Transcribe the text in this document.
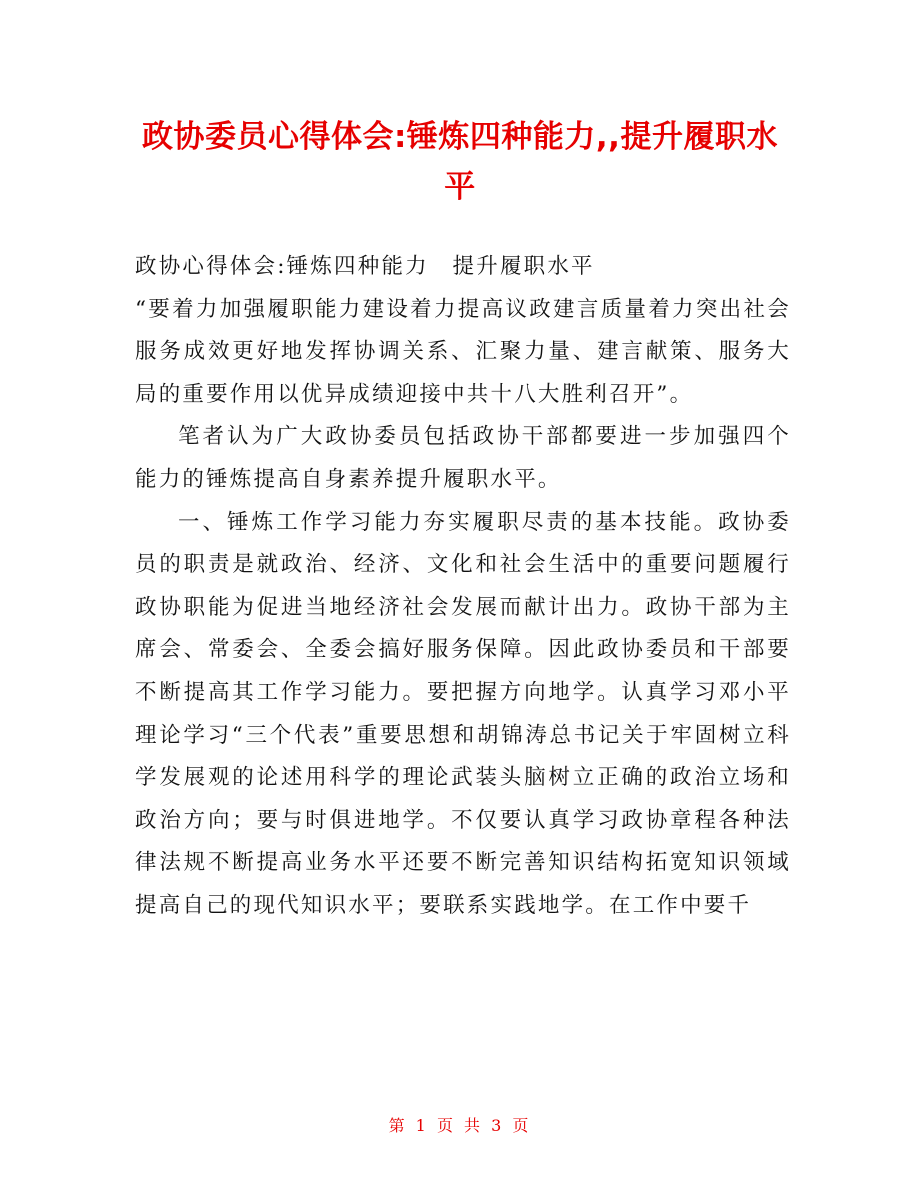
政协委员心得体会:锤炼四种能力,,提升履职水平

政协心得体会:锤炼四种能力　提升履职水平

“要着力加强履职能力建设着力提高议政建言质量着力突出社会服务成效更好地发挥协调关系、汇聚力量、建言献策、服务大局的重要作用以优异成绩迎接中共十八大胜利召开”。

笔者认为广大政协委员包括政协干部都要进一步加强四个能力的锤炼提高自身素养提升履职水平。

一、锤炼工作学习能力夯实履职尽责的基本技能。政协委员的职责是就政治、经济、文化和社会生活中的重要问题履行政协职能为促进当地经济社会发展而献计出力。政协干部为主席会、常委会、全委会搞好服务保障。因此政协委员和干部要不断提高其工作学习能力。要把握方向地学。认真学习邓小平理论学习“三个代表”重要思想和胡锦涛总书记关于牢固树立科学发展观的论述用科学的理论武装头脑树立正确的政治立场和政治方向；要与时俱进地学。不仅要认真学习政协章程各种法律法规不断提高业务水平还要不断完善知识结构拓宽知识领域提高自己的现代知识水平；要联系实践地学。在工作中要千

第 1 页 共 3 页
